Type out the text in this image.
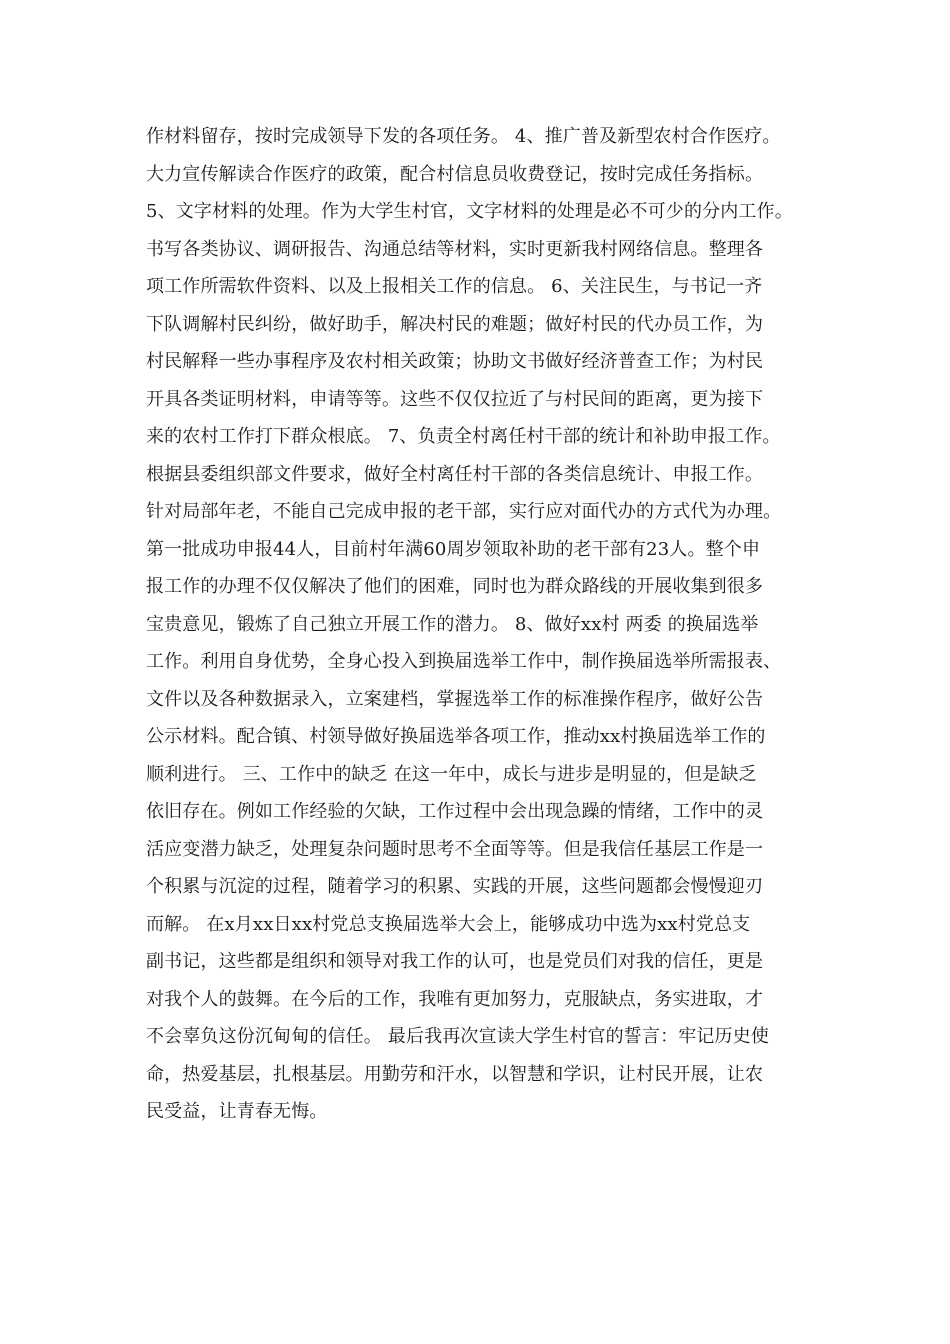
作材料留存，按时完成领导下发的各项任务。 4、推广普及新型农村合作医疗。
大力宣传解读合作医疗的政策，配合村信息员收费登记，按时完成任务指标。
5、文字材料的处理。作为大学生村官，文字材料的处理是必不可少的分内工作。
书写各类协议、调研报告、沟通总结等材料，实时更新我村网络信息。整理各
项工作所需软件资料、以及上报相关工作的信息。 6、关注民生，与书记一齐
下队调解村民纠纷，做好助手，解决村民的难题；做好村民的代办员工作，为
村民解释一些办事程序及农村相关政策；协助文书做好经济普查工作；为村民
开具各类证明材料，申请等等。这些不仅仅拉近了与村民间的距离，更为接下
来的农村工作打下群众根底。 7、负责全村离任村干部的统计和补助申报工作。
根据县委组织部文件要求，做好全村离任村干部的各类信息统计、申报工作。
针对局部年老，不能自己完成申报的老干部，实行应对面代办的方式代为办理。
第一批成功申报44人，目前村年满60周岁领取补助的老干部有23人。整个申
报工作的办理不仅仅解决了他们的困难，同时也为群众路线的开展收集到很多
宝贵意见，锻炼了自己独立开展工作的潜力。 8、做好xx村 两委 的换届选举
工作。利用自身优势，全身心投入到换届选举工作中，制作换届选举所需报表、
文件以及各种数据录入，立案建档，掌握选举工作的标准操作程序，做好公告
公示材料。配合镇、村领导做好换届选举各项工作，推动xx村换届选举工作的
顺利进行。 三、工作中的缺乏 在这一年中，成长与进步是明显的，但是缺乏
依旧存在。例如工作经验的欠缺，工作过程中会出现急躁的情绪，工作中的灵
活应变潜力缺乏，处理复杂问题时思考不全面等等。但是我信任基层工作是一
个积累与沉淀的过程，随着学习的积累、实践的开展，这些问题都会慢慢迎刃
而解。 在x月xx日xx村党总支换届选举大会上，能够成功中选为xx村党总支
副书记，这些都是组织和领导对我工作的认可，也是党员们对我的信任，更是
对我个人的鼓舞。在今后的工作，我唯有更加努力，克服缺点，务实进取，才
不会辜负这份沉甸甸的信任。 最后我再次宣读大学生村官的誓言：牢记历史使
命，热爱基层，扎根基层。用勤劳和汗水，以智慧和学识，让村民开展，让农
民受益，让青春无悔。
